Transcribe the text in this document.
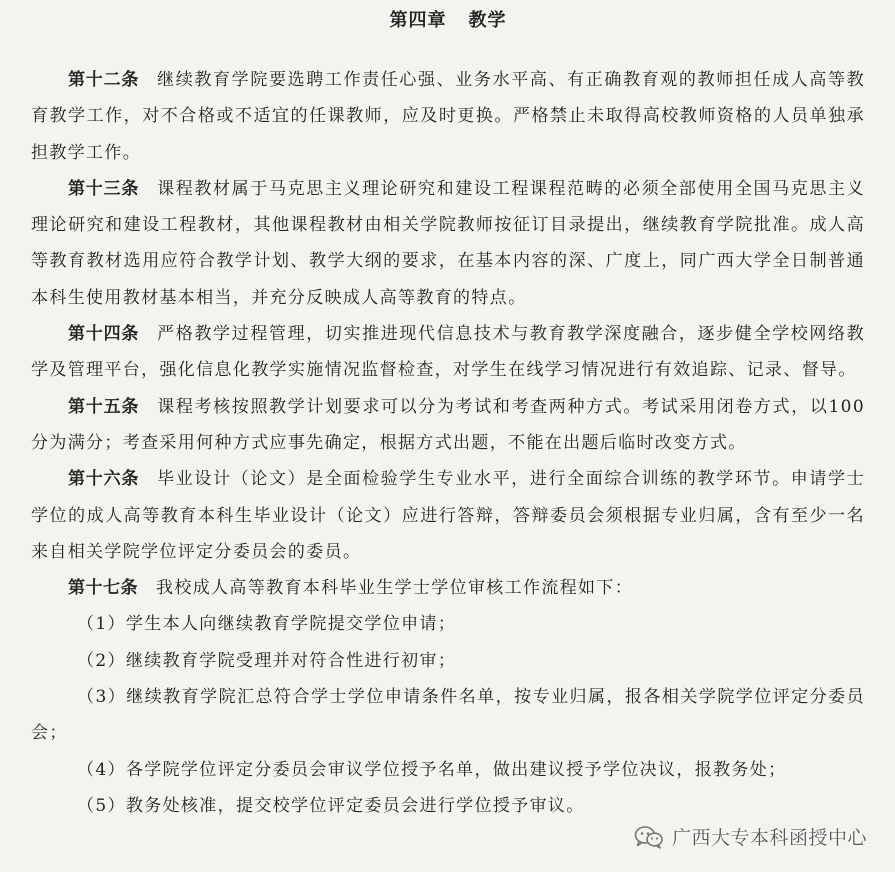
第四章 教学

第十二条 继续教育学院要选聘工作责任心强、业务水平高、有正确教育观的教师担任成人高等教育教学工作，对不合格或不适宜的任课教师，应及时更换。严格禁止未取得高校教师资格的人员单独承担教学工作。

第十三条 课程教材属于马克思主义理论研究和建设工程课程范畴的必须全部使用全国马克思主义理论研究和建设工程教材，其他课程教材由相关学院教师按征订目录提出，继续教育学院批准。成人高等教育教材选用应符合教学计划、教学大纲的要求，在基本内容的深、广度上，同广西大学全日制普通本科生使用教材基本相当，并充分反映成人高等教育的特点。

第十四条 严格教学过程管理，切实推进现代信息技术与教育教学深度融合，逐步健全学校网络教学及管理平台，强化信息化教学实施情况监督检查，对学生在线学习情况进行有效追踪、记录、督导。

第十五条 课程考核按照教学计划要求可以分为考试和考查两种方式。考试采用闭卷方式，以100分为满分；考查采用何种方式应事先确定，根据方式出题，不能在出题后临时改变方式。

第十六条 毕业设计（论文）是全面检验学生专业水平，进行全面综合训练的教学环节。申请学士学位的成人高等教育本科生毕业设计（论文）应进行答辩，答辩委员会须根据专业归属，含有至少一名来自相关学院学位评定分委员会的委员。

第十七条 我校成人高等教育本科毕业生学士学位审核工作流程如下：

（1）学生本人向继续教育学院提交学位申请；

（2）继续教育学院受理并对符合性进行初审；

（3）继续教育学院汇总符合学士学位申请条件名单，按专业归属，报各相关学院学位评定分委员会；

（4）各学院学位评定分委员会审议学位授予名单，做出建议授予学位决议，报教务处；

（5）教务处核准，提交校学位评定委员会进行学位授予审议。

广西大专本科函授中心
